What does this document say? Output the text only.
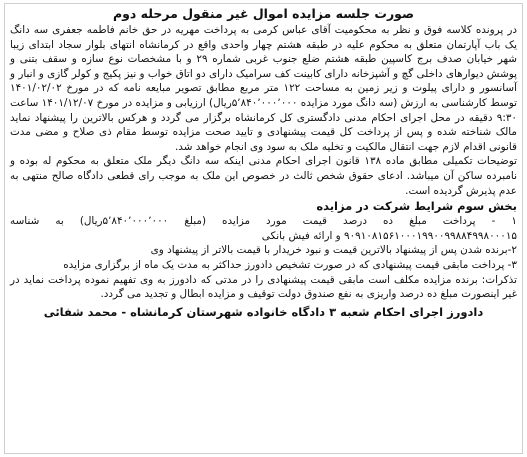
صورت جلسه مزایده اموال غیر منقول مرحله دوم

در پرونده کلاسه فوق و نظر به محکومیت آقای عباس کرمی به پرداخت مهریه در حق خانم فاطمه جعفری سه دانگ یک باب آپارتمان متعلق به محکوم علیه در طبقه هشتم چهار واحدی واقع در کرمانشاه انتهای بلوار سجاد ابتدای زیبا شهر خیابان صدف برج کاسپین طبقه هشتم ضلع جنوب غربی شماره ۲۹ و با مشخصات نوع سازه و سقف بتنی و پوشش دیوارهای داخلی گچ و آشپزخانه دارای کابینت کف سرامیک دارای دو اتاق خواب و نیز پکیج و کولر گازی و انبار و آسانسور و دارای پیلوت و زیر زمین به مساحت ۱۲۲ متر مربع مطابق تصویر مبایعه نامه که در مورخ ۱۴۰۱/۰۲/۰۲ توسط کارشناسی به ارزش (سه دانگ مورد مزایده ۵٬۸۴۰٬۰۰۰٬۰۰۰ریال) ارزیابی و مزایده در مورخ ۱۴۰۱/۱۲/۰۷ ساعت ۹:۳۰ دقیقه در محل اجرای احکام مدنی دادگستری کل کرمانشاه برگزار می گردد و هرکس بالاترین را پیشنهاد نماید مالک شناخته شده و پس از پرداخت کل قیمت پیشنهادی و تایید صحت مزایده توسط مقام ذی صلاح و مضی مدت قانونی اقدام لازم جهت انتقال مالکیت و تخلیه ملک به سود وی انجام خواهد شد.

توضیحات تکمیلی مطابق ماده ۱۳۸ قانون اجرای احکام مدنی اینکه سه دانگ دیگر ملک متعلق به محکوم له بوده و نامبرده ساکن آن میباشد. ادعای حقوق شخص ثالث در خصوص این ملک به موجب رای قطعی دادگاه صالح منتهی به عدم پذیرش گردیده است.

بخش سوم شرایط شرکت در مزایده

۱ - پرداخت مبلغ ده درصد قیمت مورد مزایده (مبلغ ۵٬۸۴۰٬۰۰۰٬۰۰۰ریال) به شناسه ۹۰۹۱۰۸۱۵۶۱۰۰۰۱۹۹۰۰۹۹۸۸۴۹۹۸۰۰۰۱۵ و ارائه فیش بانکی

۲-برنده شدن پس از پیشنهاد بالاترین قیمت و نبود خریدار با قیمت بالاتر از پیشنهاد وی

۳- پرداخت مابقی قیمت پیشنهادی که در صورت تشخیص دادورز حداکثر به مدت یک ماه از برگزاری مزایده

تذکرات: برنده مزایده مکلف است مابقی قیمت پیشنهادی را در مدتی که دادورز به وی تفهیم نموده پرداخت نماید در غیر اینصورت مبلغ ده درصد واریزی به نفع صندوق دولت توقیف و مزایده ابطال و تجدید می گردد.

دادورز اجرای احکام شعبه ۳ دادگاه خانواده شهرستان کرمانشاه - محمد شفائی
